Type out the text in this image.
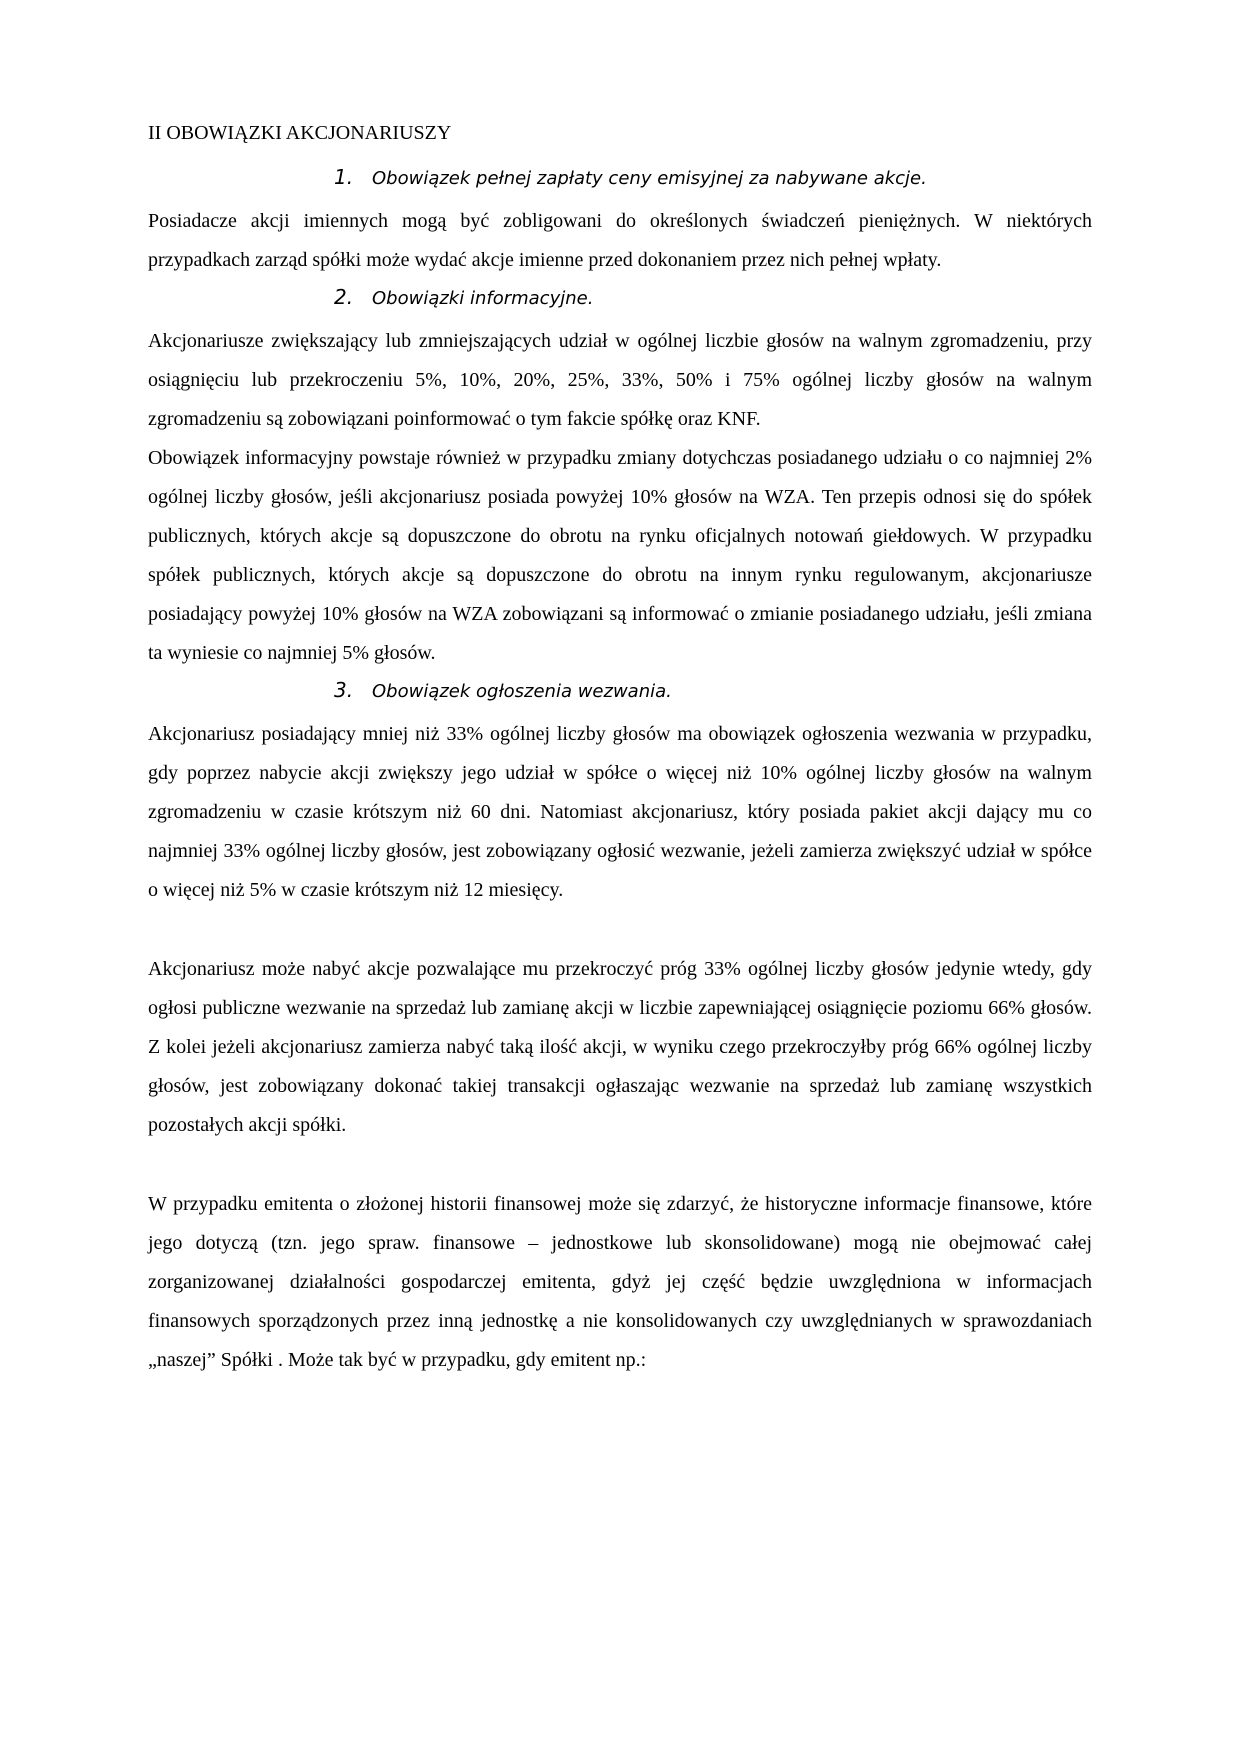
II OBOWIĄZKI AKCJONARIUSZY
1.	Obowiązek pełnej zapłaty ceny emisyjnej za nabywane akcje.

Posiadacze akcji imiennych mogą być zobligowani do określonych świadczeń pieniężnych. W niektórych przypadkach zarząd spółki może wydać akcje imienne przed dokonaniem przez nich pełnej wpłaty.

2.	Obowiązki informacyjne.

Akcjonariusze zwiększający lub zmniejszających udział w ogólnej liczbie głosów na walnym zgromadzeniu, przy osiągnięciu lub przekroczeniu 5%, 10%, 20%, 25%, 33%, 50% i 75% ogólnej liczby głosów na walnym zgromadzeniu są zobowiązani poinformować o tym fakcie spółkę oraz KNF.

Obowiązek informacyjny powstaje również w przypadku zmiany dotychczas posiadanego udziału o co najmniej 2% ogólnej liczby głosów, jeśli akcjonariusz posiada powyżej 10% głosów na WZA. Ten przepis odnosi się do spółek publicznych, których akcje są dopuszczone do obrotu na rynku oficjalnych notowań giełdowych. W przypadku spółek publicznych, których akcje są dopuszczone do obrotu na innym rynku regulowanym, akcjonariusze posiadający powyżej 10% głosów na WZA zobowiązani są informować o zmianie posiadanego udziału, jeśli zmiana ta wyniesie co najmniej 5% głosów.

3.	Obowiązek ogłoszenia wezwania.

Akcjonariusz posiadający mniej niż 33% ogólnej liczby głosów ma obowiązek ogłoszenia wezwania w przypadku, gdy poprzez nabycie akcji zwiększy jego udział w spółce o więcej niż 10% ogólnej liczby głosów na walnym zgromadzeniu w czasie krótszym niż 60 dni. Natomiast akcjonariusz, który posiada pakiet akcji dający mu co najmniej 33% ogólnej liczby głosów, jest zobowiązany ogłosić wezwanie, jeżeli zamierza zwiększyć udział w spółce o więcej niż 5% w czasie krótszym niż 12 miesięcy.

Akcjonariusz może nabyć akcje pozwalające mu przekroczyć próg 33% ogólnej liczby głosów jedynie wtedy, gdy ogłosi publiczne wezwanie na sprzedaż lub zamianę akcji w liczbie zapewniającej osiągnięcie poziomu 66% głosów. Z kolei jeżeli akcjonariusz zamierza nabyć taką ilość akcji, w wyniku czego przekroczyłby próg 66% ogólnej liczby głosów, jest zobowiązany dokonać takiej transakcji ogłaszając wezwanie na sprzedaż lub zamianę wszystkich pozostałych akcji spółki.

W przypadku emitenta o złożonej historii finansowej może się zdarzyć, że historyczne informacje finansowe, które jego dotyczą (tzn. jego spraw. finansowe – jednostkowe lub skonsolidowane) mogą nie obejmować całej zorganizowanej działalności gospodarczej emitenta, gdyż jej część będzie uwzględniona w informacjach finansowych sporządzonych przez inną jednostkę a nie konsolidowanych czy uwzględnianych w sprawozdaniach „naszej” Spółki . Może tak być w przypadku, gdy emitent np.:
